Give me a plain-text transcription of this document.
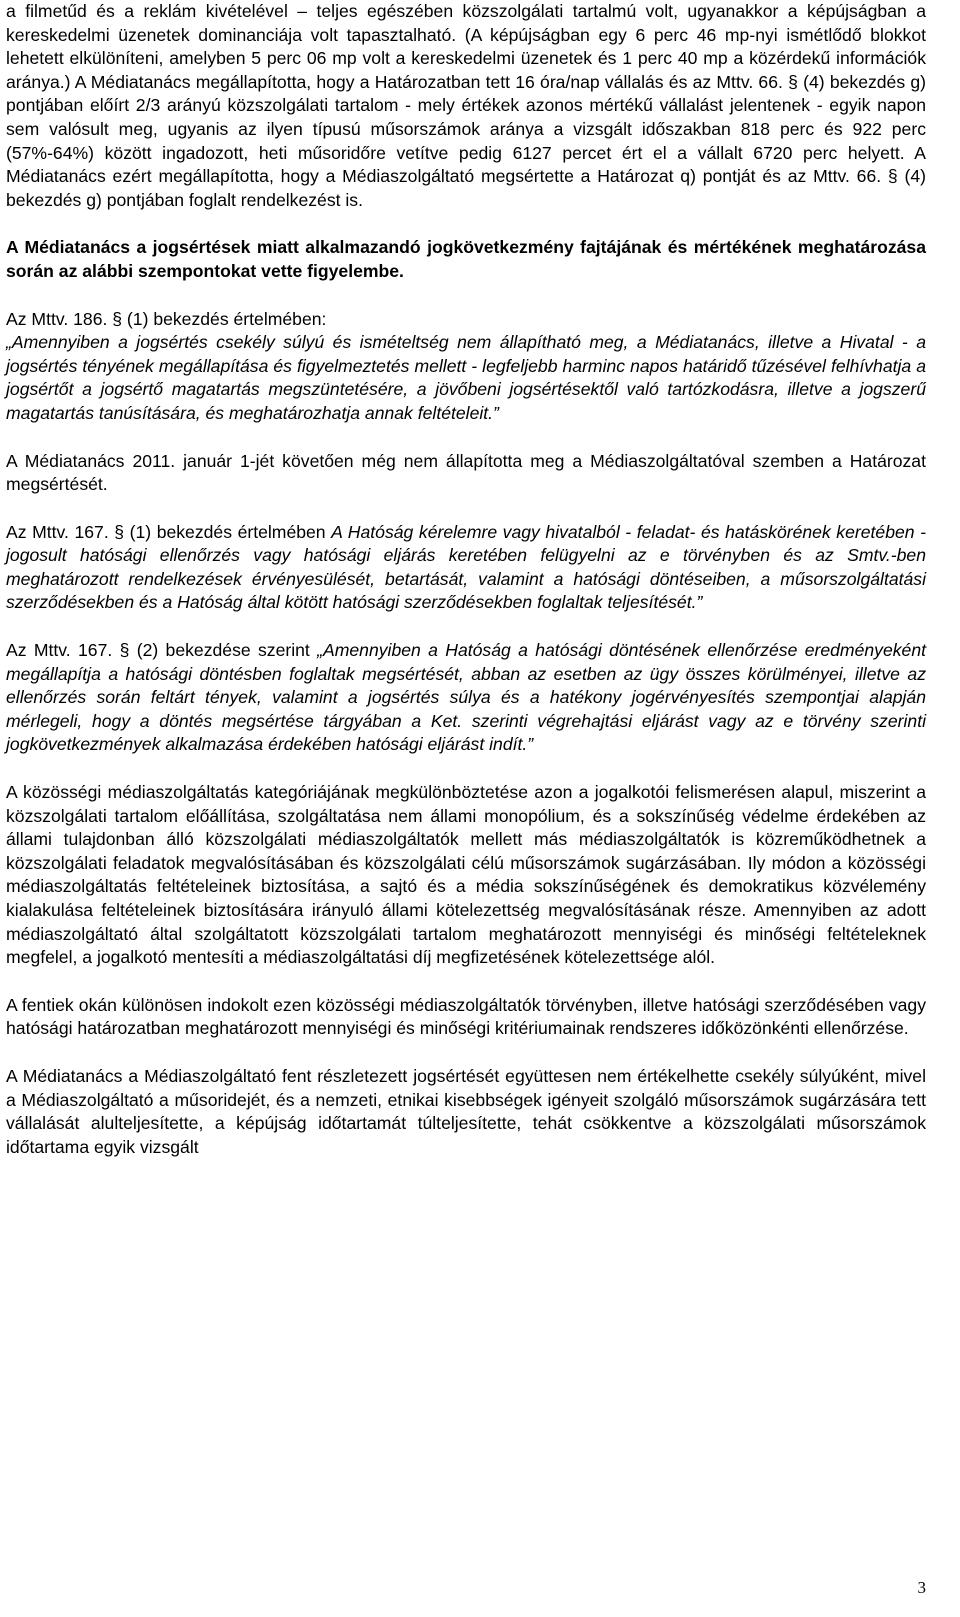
a filmetűd és a reklám kivételével – teljes egészében közszolgálati tartalmú volt, ugyanakkor a képújságban a kereskedelmi üzenetek dominanciája volt tapasztalható. (A képújságban egy 6 perc 46 mp-nyi ismétlődő blokkot lehetett elkülöníteni, amelyben 5 perc 06 mp volt a kereskedelmi üzenetek és 1 perc 40 mp a közérdekű információk aránya.) A Médiatanács megállapította, hogy a Határozatban tett 16 óra/nap vállalás és az Mttv. 66. § (4) bekezdés g) pontjában előírt 2/3 arányú közszolgálati tartalom - mely értékek azonos mértékű vállalást jelentenek - egyik napon sem valósult meg, ugyanis az ilyen típusú műsorszámok aránya a vizsgált időszakban 818 perc és 922 perc (57%-64%) között ingadozott, heti műsoridőre vetítve pedig 6127 percet ért el a vállalt 6720 perc helyett. A Médiatanács ezért megállapította, hogy a Médiaszolgáltató megsértette a Határozat q) pontját és az Mttv. 66. § (4) bekezdés g) pontjában foglalt rendelkezést is.

A Médiatanács a jogsértések miatt alkalmazandó jogkövetkezmény fajtájának és mértékének meghatározása során az alábbi szempontokat vette figyelembe.

Az Mttv. 186. § (1) bekezdés értelmében:
„Amennyiben a jogsértés csekély súlyú és ismételtség nem állapítható meg, a Médiatanács, illetve a Hivatal - a jogsértés tényének megállapítása és figyelmeztetés mellett - legfeljebb harminc napos határidő tűzésével felhívhatja a jogsértőt a jogsértő magatartás megszüntetésére, a jövőbeni jogsértésektől való tartózkodásra, illetve a jogszerű magatartás tanúsítására, és meghatározhatja annak feltételeit.”

A Médiatanács 2011. január 1-jét követően még nem állapította meg a Médiaszolgáltatóval szemben a Határozat megsértését.

Az Mttv. 167. § (1) bekezdés értelmében A Hatóság kérelemre vagy hivatalból - feladat- és hatáskörének keretében - jogosult hatósági ellenőrzés vagy hatósági eljárás keretében felügyelni az e törvényben és az Smtv.-ben meghatározott rendelkezések érvényesülését, betartását, valamint a hatósági döntéseiben, a műsorszolgáltatási szerződésekben és a Hatóság által kötött hatósági szerződésekben foglaltak teljesítését.”

Az Mttv. 167. § (2) bekezdése szerint „Amennyiben a Hatóság a hatósági döntésének ellenőrzése eredményeként megállapítja a hatósági döntésben foglaltak megsértését, abban az esetben az ügy összes körülményei, illetve az ellenőrzés során feltárt tények, valamint a jogsértés súlya és a hatékony jogérvényesítés szempontjai alapján mérlegeli, hogy a döntés megsértése tárgyában a Ket. szerinti végrehajtási eljárást vagy az e törvény szerinti jogkövetkezmények alkalmazása érdekében hatósági eljárást indít.”

A közösségi médiaszolgáltatás kategóriájának megkülönböztetése azon a jogalkotói felismerésen alapul, miszerint a közszolgálati tartalom előállítása, szolgáltatása nem állami monopólium, és a sokszínűség védelme érdekében az állami tulajdonban álló közszolgálati médiaszolgáltatók mellett más médiaszolgáltatók is közreműködhetnek a közszolgálati feladatok megvalósításában és közszolgálati célú műsorszámok sugárzásában. Ily módon a közösségi médiaszolgáltatás feltételeinek biztosítása, a sajtó és a média sokszínűségének és demokratikus közvélemény kialakulása feltételeinek biztosítására irányuló állami kötelezettség megvalósításának része. Amennyiben az adott médiaszolgáltató által szolgáltatott közszolgálati tartalom meghatározott mennyiségi és minőségi feltételeknek megfelel, a jogalkotó mentesíti a médiaszolgáltatási díj megfizetésének kötelezettsége alól.

A fentiek okán különösen indokolt ezen közösségi médiaszolgáltatók törvényben, illetve hatósági szerződésében vagy hatósági határozatban meghatározott mennyiségi és minőségi kritériumainak rendszeres időközönkénti ellenőrzése.

A Médiatanács a Médiaszolgáltató fent részletezett jogsértését együttesen nem értékelhette csekély súlyúként, mivel a Médiaszolgáltató a műsoridejét, és a nemzeti, etnikai kisebbségek igényeit szolgáló műsorszámok sugárzására tett vállalását alulteljesítette, a képújság időtartamát túlteljesítette, tehát csökkentve a közszolgálati műsorszámok időtartama egyik vizsgált

3
